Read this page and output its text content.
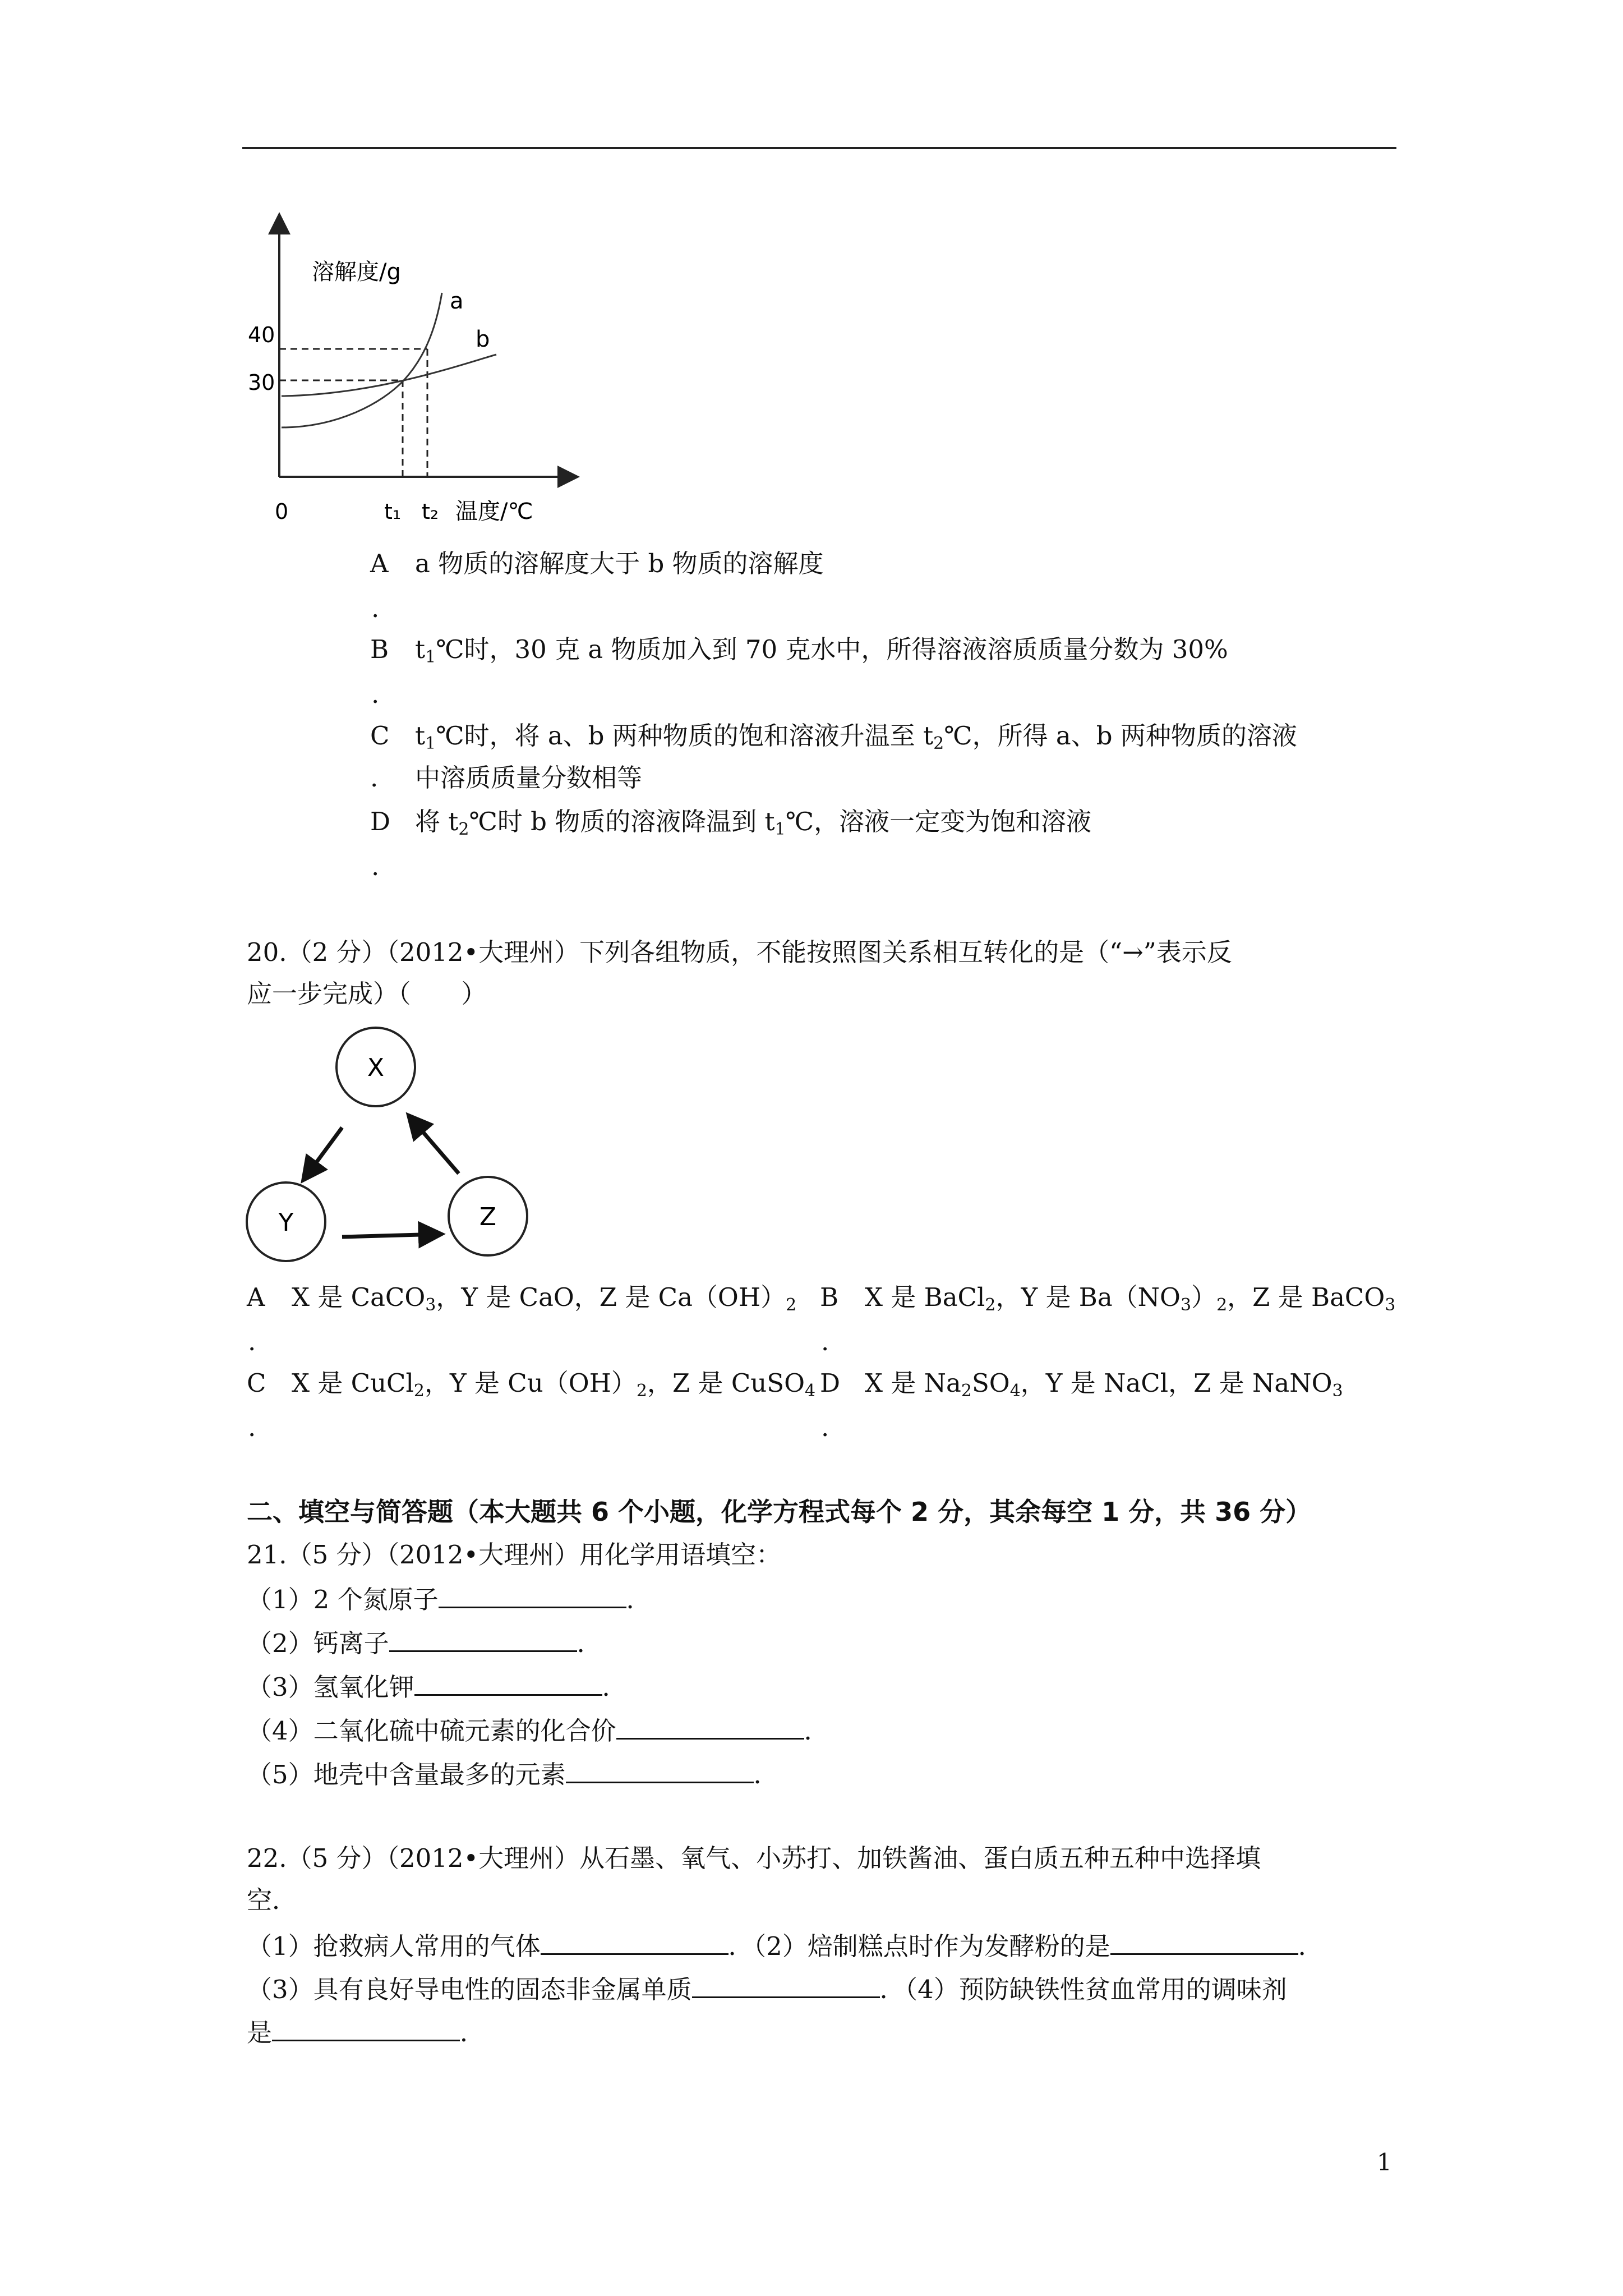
溶解度/g
40
30
a
b
0	t₁ t₂ 温度/℃
A a 物质的溶解度大于 b 物质的溶解度
.
B $t_1℃$时，30 克 a 物质加入到 70 克水中，所得溶液溶质质量分数为 30%
.
C $t_1℃$时，将 a、b 两种物质的饱和溶液升温至 $t_2℃$，所得 a、b 两种物质的溶液
. 中溶质质量分数相等
D 将 $t_2℃$时 b 物质的溶液降温到 $t_1℃$，溶液一定变为饱和溶液
.
20.（2 分）（2012•大理州）下列各组物质，不能按照图关系相互转化的是（“→”表示反
应一步完成）（　　）
X
Y	Z
A X 是 CaCO$_3$，Y 是 CaO，Z 是 $Ca(OH)_2$ B X 是 BaCl$_2$，Y 是 $Ba(NO_3)_2$，Z 是 BaCO$_3$
.	.
C X 是 CuCl$_2$，Y 是 $Cu(OH)_2$，Z 是 CuSO$_4$ D X 是 $Na_2SO_4$，Y 是 NaCl，Z 是 NaNO$_3$
.	.
二、填空与简答题（本大题共 6 个小题，化学方程式每个 2 分，其余每空 1 分，共 36 分）
21.（5 分）（2012•大理州）用化学用语填空：
（1）2 个氮原子	．
（2）钙离子	．
（3）氢氧化钾	．
（4）二氧化硫中硫元素的化合价	．
（5）地壳中含量最多的元素	．
22.（5 分）（2012•大理州）从石墨、氧气、小苏打、加铁酱油、蛋白质五种五种中选择填
空．
（1）抢救病人常用的气体	．（2）焙制糕点时作为发酵粉的是	．
（3）具有良好导电性的固态非金属单质	．（4）预防缺铁性贫血常用的调味剂
是	．
1
